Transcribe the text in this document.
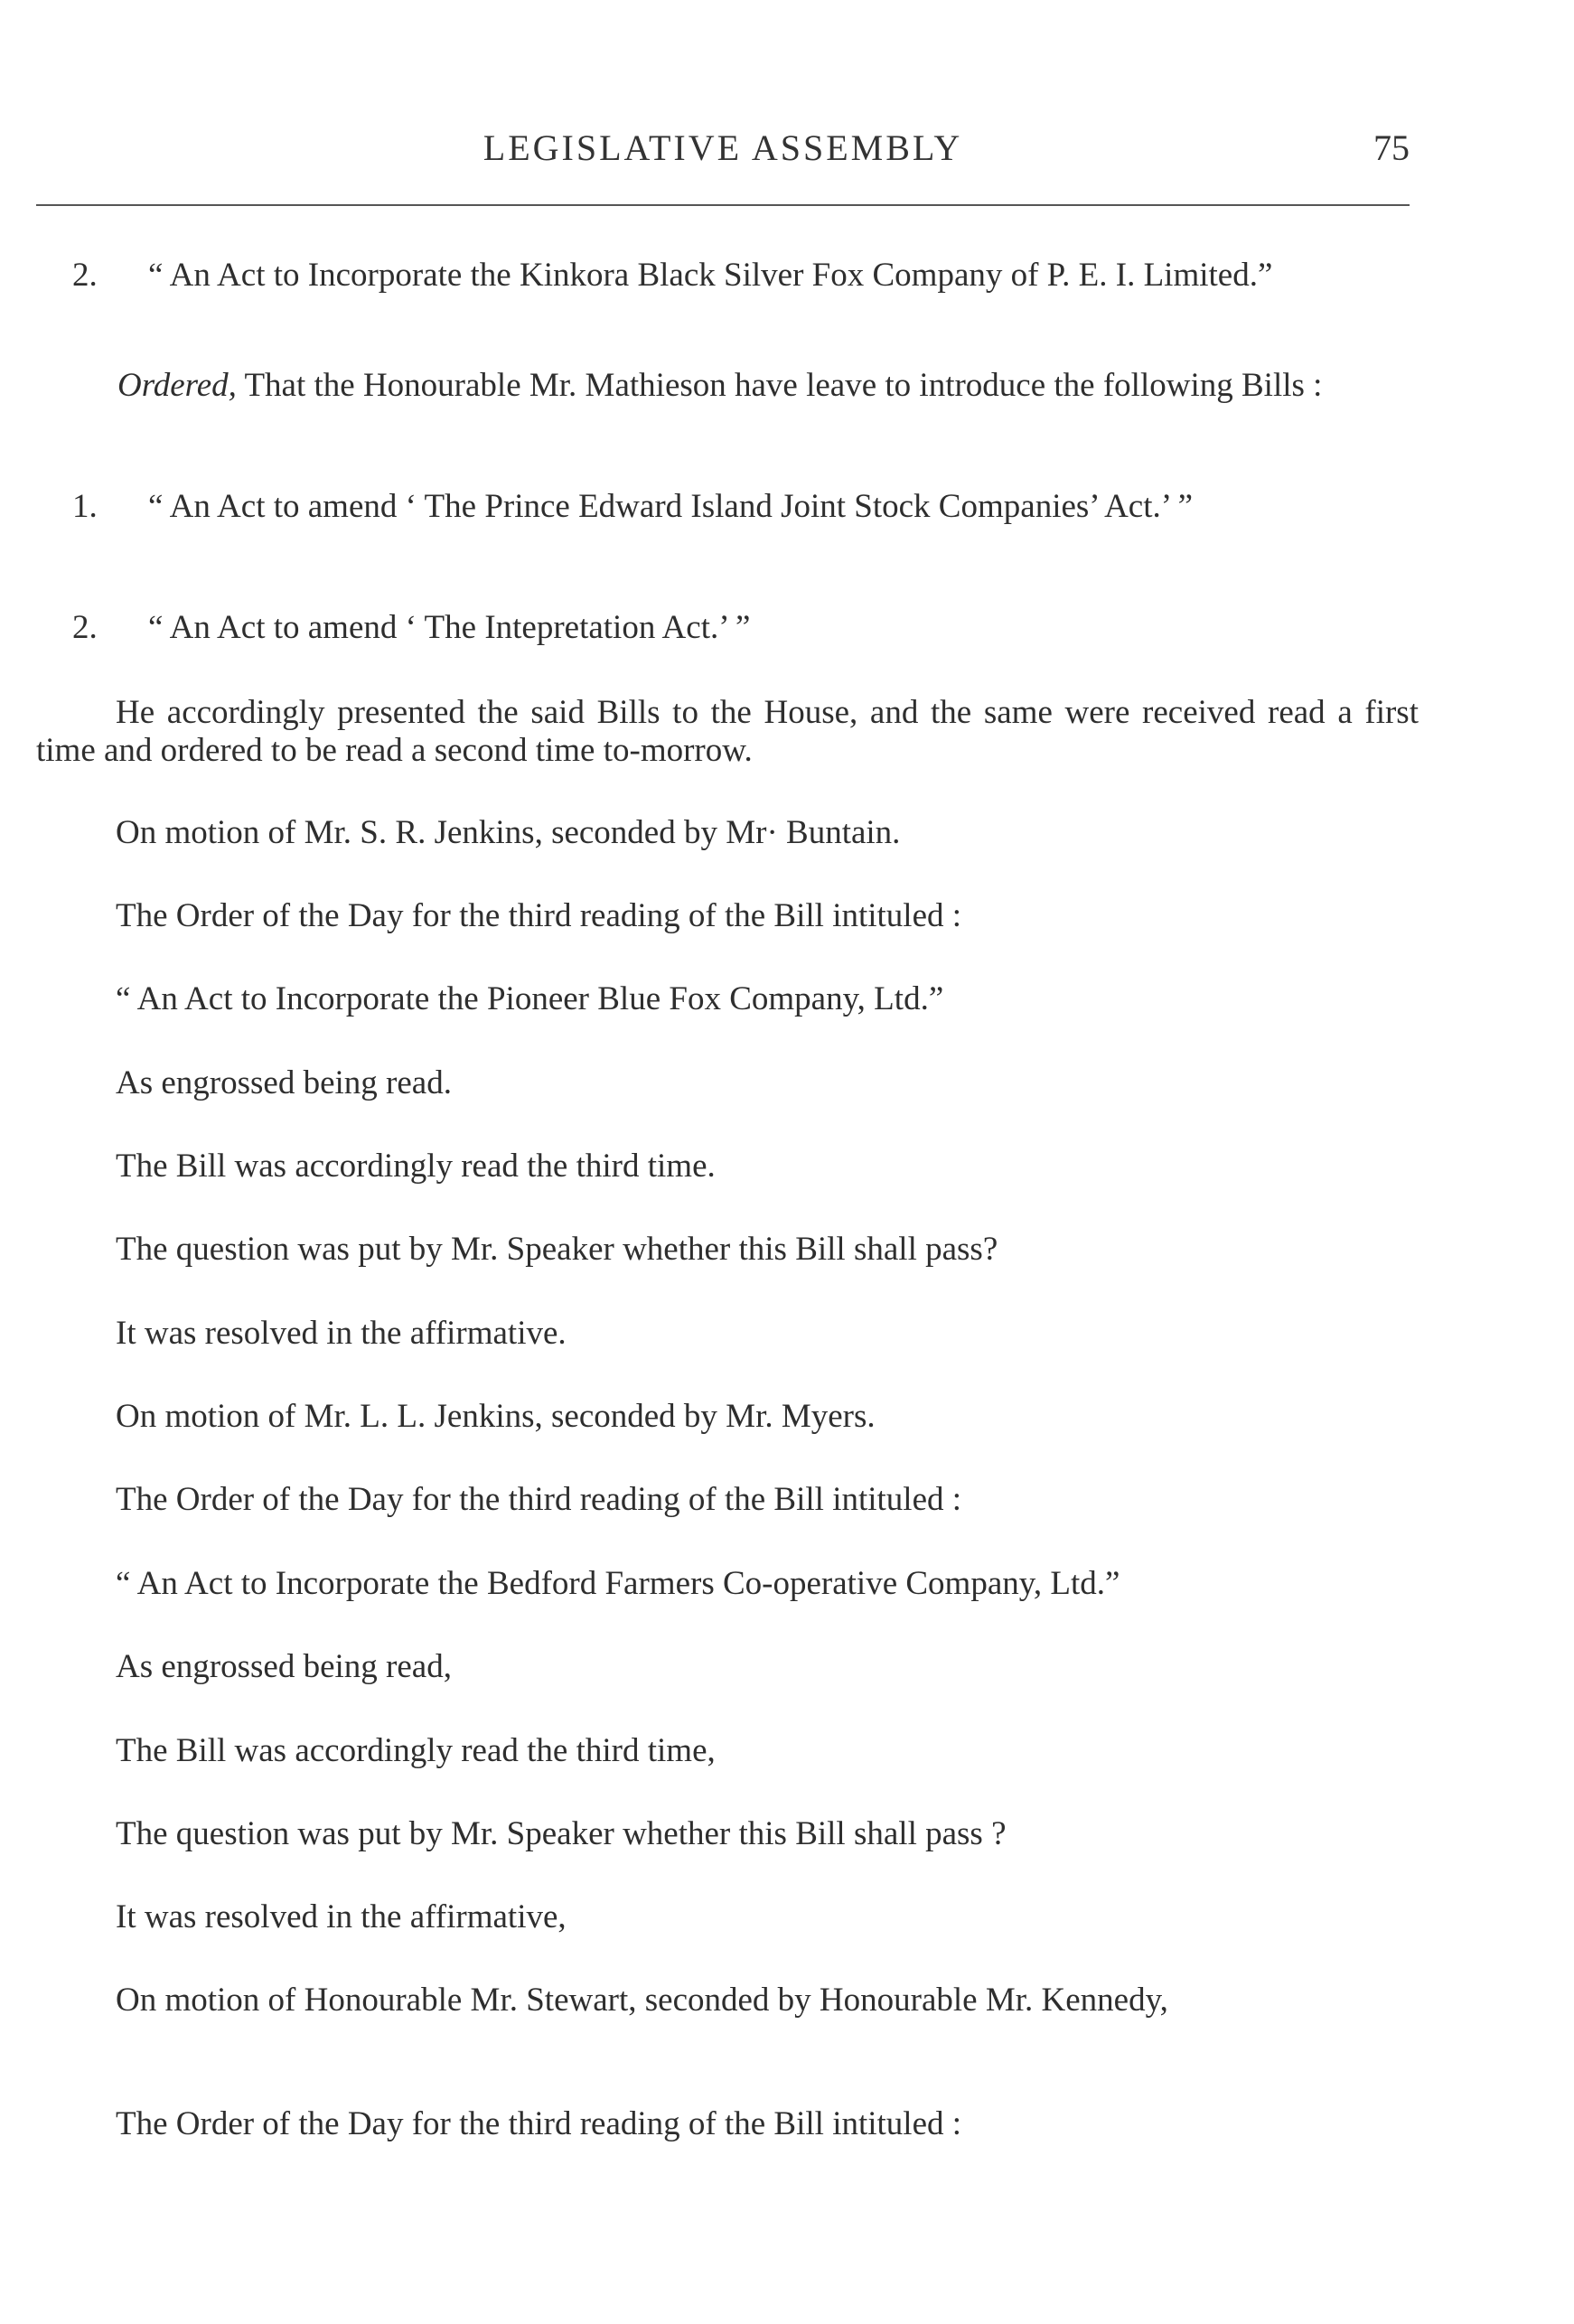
LEGISLATIVE ASSEMBLY	75

2. “ An Act to Incorporate the Kinkora Black Silver Fox Company of P. E. I. Limited.”

Ordered, That the Honourable Mr. Mathieson have leave to introduce the following Bills :

1. “ An Act to amend ‘ The Prince Edward Island Joint Stock Companies’ Act.’ ”

2. “ An Act to amend ‘ The Intepretation Act.’ ”

He accordingly presented the said Bills to the House, and the same were received read a first time and ordered to be read a second time to-morrow.

On motion of Mr. S. R. Jenkins, seconded by Mr· Buntain.

The Order of the Day for the third reading of the Bill intituled :

“ An Act to Incorporate the Pioneer Blue Fox Company, Ltd.”

As engrossed being read.

The Bill was accordingly read the third time.

The question was put by Mr. Speaker whether this Bill shall pass?

It was resolved in the affirmative.

On motion of Mr. L. L. Jenkins, seconded by Mr. Myers.

The Order of the Day for the third reading of the Bill intituled :

“ An Act to Incorporate the Bedford Farmers Co-operative Company, Ltd.”

As engrossed being read,

The Bill was accordingly read the third time,

The question was put by Mr. Speaker whether this Bill shall pass ?

It was resolved in the affirmative,

On motion of Honourable Mr. Stewart, seconded by Honourable Mr. Kennedy,

The Order of the Day for the third reading of the Bill intituled :
